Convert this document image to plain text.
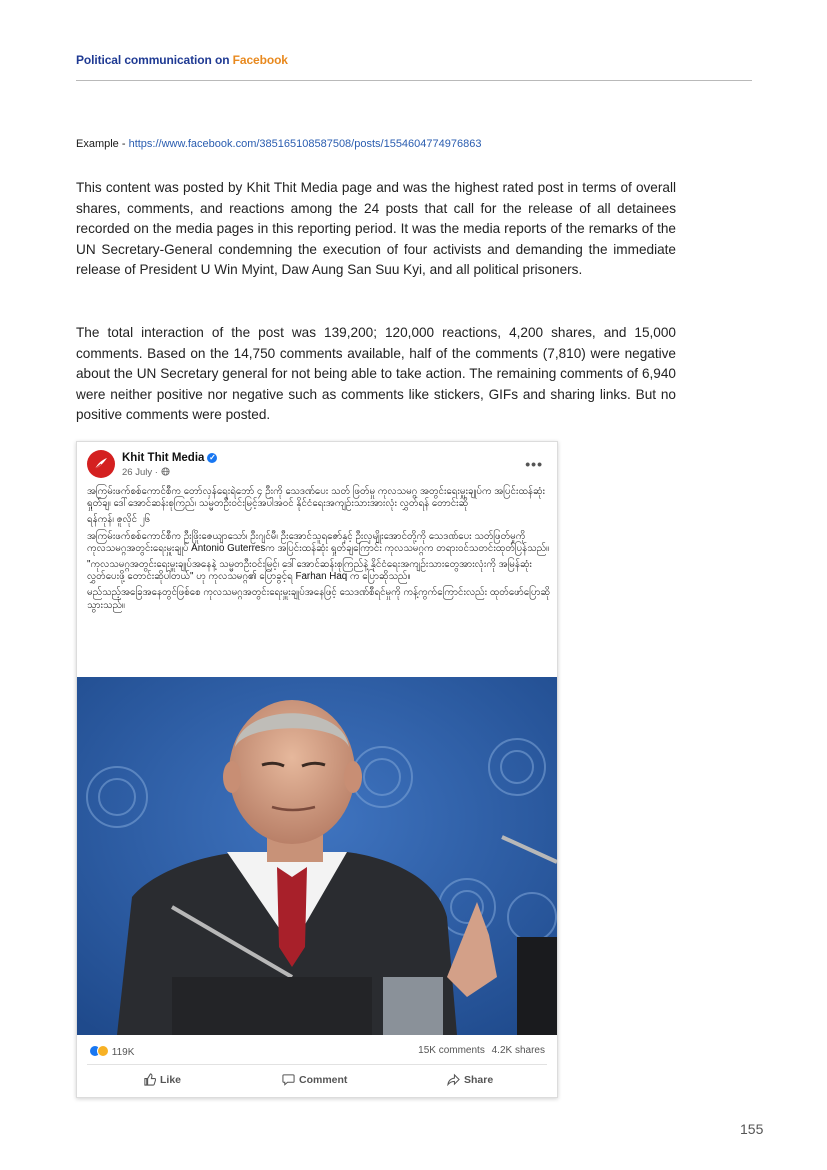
Political communication on Facebook
Example - https://www.facebook.com/385165108587508/posts/1554604774976863

This content was posted by Khit Thit Media page and was the highest rated post in terms of overall shares, comments, and reactions among the 24 posts that call for the release of all detainees recorded on the media pages in this reporting period. It was the media reports of the remarks of the UN Secretary-General condemning the execution of four activists and demanding the immediate release of President U Win Myint, Daw Aung San Suu Kyi, and all political prisoners.

The total interaction of the post was 139,200; 120,000 reactions, 4,200 shares, and 15,000 comments. Based on the 14,750 comments available, half of the comments (7,810) were negative about the UN Secretary general for not being able to take action. The remaining comments of 6,940 were neither positive nor negative such as comments like stickers, GIFs and sharing links. But no positive comments were posted.

Khit Thit Media ✓
26 July ·
•••

အကြမ်းဖက်စစ်ကောင်စီက တော်လှန်ရေးရဲဘော် ၄ ဦးကို သေဒဏ်ပေး သတ် ဖြတ်မှု ကုလသမဂ္ဂ အတွင်းရေးမှူးချုပ်က အပြင်းထန်ဆုံး ရှုတ်ချ၊ ဒေါ်အောင်ဆန်းစုကြည်၊ သမ္မတဦးဝင်းမြင့်အပါအဝင် နိုင်ငံရေးအကျဉ်းသားအားလုံး လွှတ်ရန် တောင်းဆို

ရန်ကုန်၊ ဇူလိုင် ၂၆

အကြမ်းဖက်စစ်ကောင်စီက ဦးဖြိုးဇေယျာသော်၊ ဦးဂျင်မီ၊ ဦးအောင်သူရဇော်နှင့် ဦးလှမျိုးအောင်တို့ကို သေဒဏ်ပေး သတ်ဖြတ်မှုကို ကုလသမဂ္ဂအတွင်းရေးမှူးချုပ် Antonio Guterresက အပြင်းထန်ဆုံး ရှုတ်ချကြောင်း ကုလသမဂ္ဂက တရားဝင်သတင်းထုတ်ပြန်သည်။

"ကုလသမဂ္ဂအတွင်းရေးမှူးချုပ်အနေနဲ့ သမ္မတဦးဝင်းမြင့်၊ ဒေါ်အောင်ဆန်းစုကြည်နဲ့ နိုင်ငံရေးအကျဉ်းသားတွေအားလုံးကို အမြန်ဆုံးလွှတ်ပေးဖို့ တောင်းဆိုပါတယ်" ဟု ကုလသမဂ္ဂ၏ ပြောခွင့်ရ Farhan Haq က ပြောဆိုသည်။

မည်သည့်အခြေအနေတွင်ဖြစ်စေ ကုလသမဂ္ဂအတွင်းရေးမှူးချုပ်အနေဖြင့် သေဒဏ်စီရင်မှုကို ကန့်ကွက်ကြောင်းလည်း ထုတ်ဖော်ပြောဆိုသွားသည်။

119K	15K comments 4.2K shares
Like	Comment	Share
155
